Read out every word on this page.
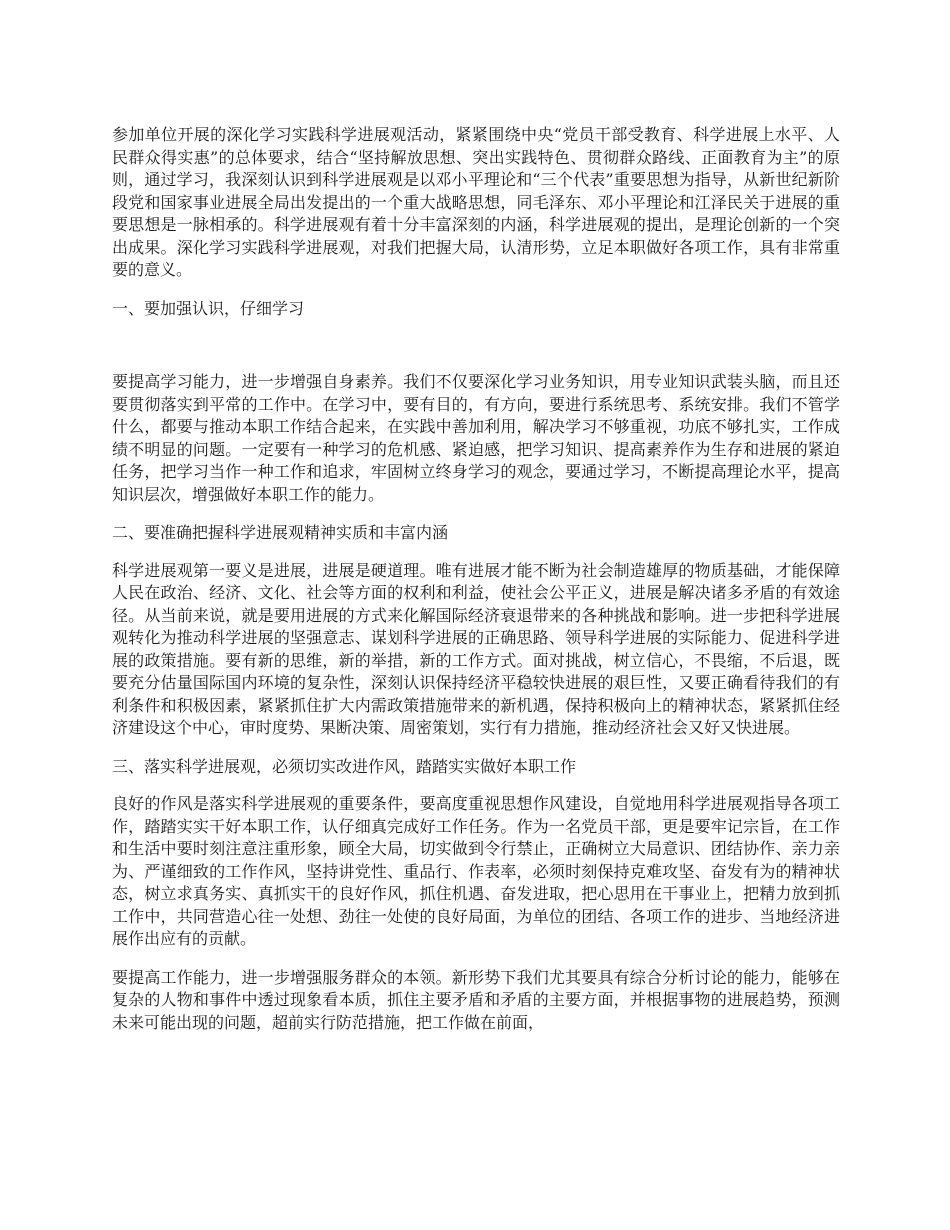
参加单位开展的深化学习实践科学进展观活动，紧紧围绕中央“党员干部受教育、科学进展上水平、人民群众得实惠”的总体要求，结合“坚持解放思想、突出实践特色、贯彻群众路线、正面教育为主”的原则，通过学习，我深刻认识到科学进展观是以邓小平理论和“三个代表”重要思想为指导，从新世纪新阶段党和国家事业进展全局出发提出的一个重大战略思想，同毛泽东、邓小平理论和江泽民关于进展的重要思想是一脉相承的。科学进展观有着十分丰富深刻的内涵，科学进展观的提出，是理论创新的一个突出成果。深化学习实践科学进展观，对我们把握大局，认清形势，立足本职做好各项工作，具有非常重要的意义。

一、要加强认识，仔细学习

要提高学习能力，进一步增强自身素养。我们不仅要深化学习业务知识，用专业知识武装头脑，而且还要贯彻落实到平常的工作中。在学习中，要有目的，有方向，要进行系统思考、系统安排。我们不管学什么，都要与推动本职工作结合起来，在实践中善加利用，解决学习不够重视，功底不够扎实，工作成绩不明显的问题。一定要有一种学习的危机感、紧迫感，把学习知识、提高素养作为生存和进展的紧迫任务，把学习当作一种工作和追求，牢固树立终身学习的观念，要通过学习，不断提高理论水平，提高知识层次，增强做好本职工作的能力。

二、要准确把握科学进展观精神实质和丰富内涵

科学进展观第一要义是进展，进展是硬道理。唯有进展才能不断为社会制造雄厚的物质基础，才能保障人民在政治、经济、文化、社会等方面的权利和利益，使社会公平正义，进展是解决诸多矛盾的有效途径。从当前来说，就是要用进展的方式来化解国际经济衰退带来的各种挑战和影响。进一步把科学进展观转化为推动科学进展的坚强意志、谋划科学进展的正确思路、领导科学进展的实际能力、促进科学进展的政策措施。要有新的思维，新的举措，新的工作方式。面对挑战，树立信心，不畏缩，不后退，既要充分估量国际国内环境的复杂性，深刻认识保持经济平稳较快进展的艰巨性，又要正确看待我们的有利条件和积极因素，紧紧抓住扩大内需政策措施带来的新机遇，保持积极向上的精神状态，紧紧抓住经济建设这个中心，审时度势、果断决策、周密策划，实行有力措施，推动经济社会又好又快进展。

三、落实科学进展观，必须切实改进作风，踏踏实实做好本职工作

良好的作风是落实科学进展观的重要条件，要高度重视思想作风建设，自觉地用科学进展观指导各项工作，踏踏实实干好本职工作，认仔细真完成好工作任务。作为一名党员干部，更是要牢记宗旨，在工作和生活中要时刻注意注重形象，顾全大局，切实做到令行禁止，正确树立大局意识、团结协作、亲力亲为、严谨细致的工作作风，坚持讲党性、重品行、作表率，必须时刻保持克难攻坚、奋发有为的精神状态，树立求真务实、真抓实干的良好作风，抓住机遇、奋发进取，把心思用在干事业上，把精力放到抓工作中，共同营造心往一处想、劲往一处使的良好局面，为单位的团结、各项工作的进步、当地经济进展作出应有的贡献。

要提高工作能力，进一步增强服务群众的本领。新形势下我们尤其要具有综合分析讨论的能力，能够在复杂的人物和事件中透过现象看本质，抓住主要矛盾和矛盾的主要方面，并根据事物的进展趋势，预测未来可能出现的问题，超前实行防范措施，把工作做在前面，
